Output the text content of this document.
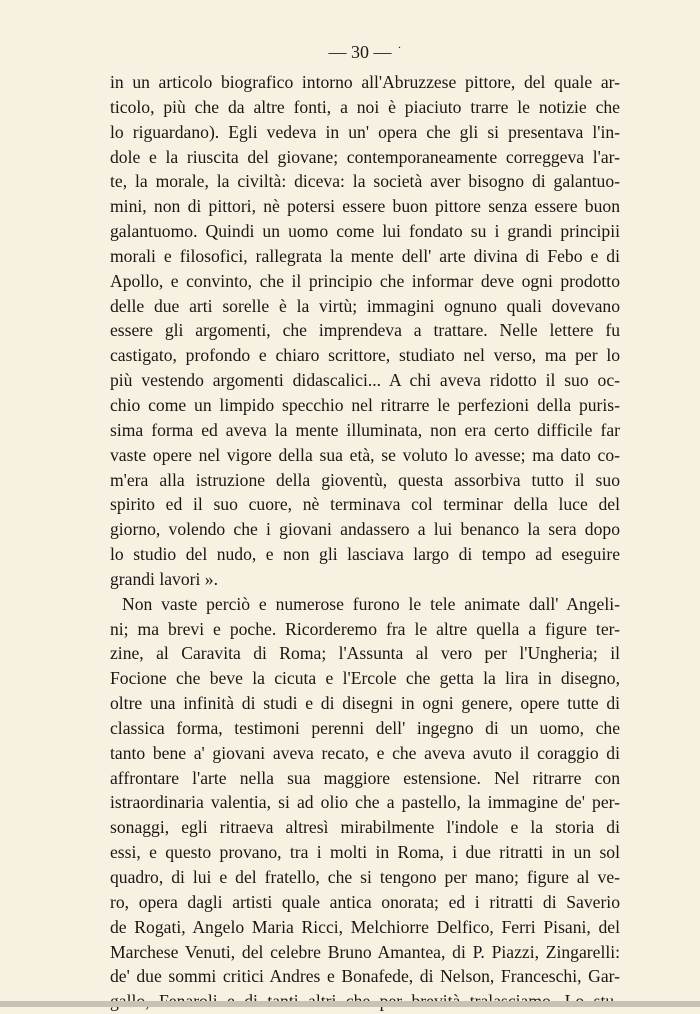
— 30 — ·
in un articolo biografico intorno all'Abruzzese pittore, del quale ar-
ticolo, più che da altre fonti, a noi è piaciuto trarre le notizie che
lo riguardano). Egli vedeva in un' opera che gli si presentava l'in-
dole e la riuscita del giovane; contemporaneamente correggeva l'ar-
te, la morale, la civiltà: diceva: la società aver bisogno di galantuo-
mini, non di pittori, nè potersi essere buon pittore senza essere buon
galantuomo. Quindi un uomo come lui fondato su i grandi principii
morali e filosofici, rallegrata la mente dell' arte divina di Febo e di
Apollo, e convinto, che il principio che informar deve ogni prodotto
delle due arti sorelle è la virtù; immagini ognuno quali dovevano
essere gli argomenti, che imprendeva a trattare. Nelle lettere fu
castigato, profondo e chiaro scrittore, studiato nel verso, ma per lo
più vestendo argomenti didascalici... A chi aveva ridotto il suo oc-
chio come un limpido specchio nel ritrarre le perfezioni della puris-
sima forma ed aveva la mente illuminata, non era certo difficile far
vaste opere nel vigore della sua età, se voluto lo avesse; ma dato co-
m'era alla istruzione della gioventù, questa assorbiva tutto il suo
spirito ed il suo cuore, nè terminava col terminar della luce del
giorno, volendo che i giovani andassero a lui benanco la sera dopo
lo studio del nudo, e non gli lasciava largo di tempo ad eseguire
grandi lavori ».
Non vaste perciò e numerose furono le tele animate dall' Angeli-
ni; ma brevi e poche. Ricorderemo fra le altre quella a figure ter-
zine, al Caravita di Roma; l'Assunta al vero per l'Ungheria; il
Focione che beve la cicuta e l'Ercole che getta la lira in disegno,
oltre una infinità di studi e di disegni in ogni genere, opere tutte di
classica forma, testimoni perenni dell' ingegno di un uomo, che
tanto bene a' giovani aveva recato, e che aveva avuto il coraggio di
affrontare l'arte nella sua maggiore estensione. Nel ritrarre con
istraordinaria valentia, si ad olio che a pastello, la immagine de' per-
sonaggi, egli ritraeva altresì mirabilmente l'indole e la storia di
essi, e questo provano, tra i molti in Roma, i due ritratti in un sol
quadro, di lui e del fratello, che si tengono per mano; figure al ve-
ro, opera dagli artisti quale antica onorata; ed i ritratti di Saverio
de Rogati, Angelo Maria Ricci, Melchiorre Delfico, Ferri Pisani, del
Marchese Venuti, del celebre Bruno Amantea, di P. Piazzi, Zingarelli:
de' due sommi critici Andres e Bonafede, di Nelson, Franceschi, Gar-
